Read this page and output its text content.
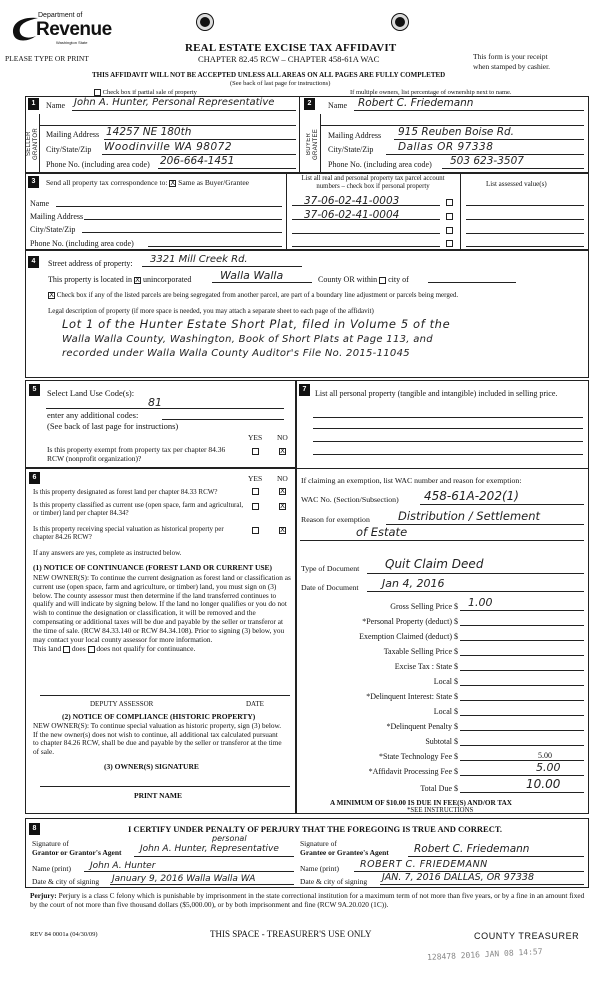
Department of
Revenue
Washington State
PLEASE TYPE OR PRINT
REAL ESTATE EXCISE TAX AFFIDAVIT
CHAPTER 82.45 RCW – CHAPTER 458-61A WAC	This form is your receipt
when stamped by cashier.
THIS AFFIDAVIT WILL NOT BE ACCEPTED UNLESS ALL AREAS ON ALL PAGES ARE FULLY COMPLETED
(See back of last page for instructions)
Check box if partial sale of property	If multiple owners, list percentage of ownership next to name.
1	2
SELLER GRANTOR	BUYER GRANTEE
Name John A. Hunter, Personal Representative
Mailing Address 14257 NE 180th
City/State/Zip Woodinville WA 98072
Phone No. (including area code) 206-664-1451
Name Robert C. Friedemann
Mailing Address 915 Reuben Boise Rd.
City/State/Zip Dallas OR 97338
Phone No. (including area code) 503 623-3507
3	Send all property tax correspondence to: X Same as Buyer/Grantee
Name
Mailing Address
City/State/Zip
Phone No. (including area code)
List all real and personal property tax parcel account numbers – check box if personal property	List assessed value(s)
37-06-02-41-0003
37-06-02-41-0004
4	Street address of property: 3321 Mill Creek Rd.
This property is located in X unincorporated	Walla Walla	County OR within city of
X Check box if any of the listed parcels are being segregated from another parcel, are part of a boundary line adjustment or parcels being merged.
Legal description of property (if more space is needed, you may attach a separate sheet to each page of the affidavit)
Lot 1 of the Hunter Estate Short Plat, filed in Volume 5 of the
Walla Walla County, Washington, Book of Short Plats at Page 113, and
recorded under Walla Walla County Auditor's File No. 2015-11045
5	Select Land Use Code(s):
81
enter any additional codes:
(See back of last page for instructions)
YES NO
Is this property exempt from property tax per chapter 84.36 RCW (nonprofit organization)?
X
6	YES NO
Is this property designated as forest land per chapter 84.33 RCW?	X
Is this property classified as current use (open space, farm and agricultural, or timber) land per chapter 84.34?
X
Is this property receiving special valuation as historical property per chapter 84.26 RCW?
X
If any answers are yes, complete as instructed below.
(1) NOTICE OF CONTINUANCE (FOREST LAND OR CURRENT USE)
NEW OWNER(S): To continue the current designation as forest land or classification as current use (open space, farm and agriculture, or timber) land, you must sign on (3) below. The county assessor must then determine if the land transferred continues to qualify and will indicate by signing below. If the land no longer qualifies or you do not wish to continue the designation or classification, it will be removed and the compensating or additional taxes will be due and payable by the seller or transferor at the time of sale. (RCW 84.33.140 or RCW 84.34.108). Prior to signing (3) below, you may contact your local county assessor for more information.
This land does does not qualify for continuance.
DEPUTY ASSESSOR	DATE
(2) NOTICE OF COMPLIANCE (HISTORIC PROPERTY)
NEW OWNER(S): To continue special valuation as historic property, sign (3) below. If the new owner(s) does not wish to continue, all additional tax calculated pursuant to chapter 84.26 RCW, shall be due and payable by the seller or transferor at the time of sale.
(3) OWNER(S) SIGNATURE
PRINT NAME
7	List all personal property (tangible and intangible) included in selling price.
If claiming an exemption, list WAC number and reason for exemption:
WAC No. (Section/Subsection) 458-61A-202(1)
Reason for exemption Distribution / Settlement
of Estate
Type of Document Quit Claim Deed
Date of Document Jan 4, 2016
Gross Selling Price $ 1.00
*Personal Property (deduct) $
Exemption Claimed (deduct) $
Taxable Selling Price $
Excise Tax : State $
Local $
*Delinquent Interest: State $
Local $
*Delinquent Penalty $
Subtotal $
*State Technology Fee $	5.00
*Affidavit Processing Fee $	5.00
Total Due $	10.00
A MINIMUM OF $10.00 IS DUE IN FEE(S) AND/OR TAX
*SEE INSTRUCTIONS
8	I CERTIFY UNDER PENALTY OF PERJURY THAT THE FOREGOING IS TRUE AND CORRECT.
Signature of
Grantor or Grantor's Agent
personal
John A. Hunter, Representative
Name (print) John A. Hunter
Date & city of signing January 9, 2016 Walla Walla WA
Signature of
Grantee or Grantee's Agent Robert C. Friedemann
Name (print) ROBERT C. FRIEDEMANN
Date & city of signing JAN. 7, 2016 DALLAS, OR 97338
Perjury: Perjury is a class C felony which is punishable by imprisonment in the state correctional institution for a maximum term of not more than five years, or by a fine in an amount fixed by the court of not more than five thousand dollars ($5,000.00), or by both imprisonment and fine (RCW 9A.20.020 (1C)).
REV 84 0001a (04/30/09)	THIS SPACE - TREASURER'S USE ONLY	COUNTY TREASURER
128478 2016 JAN 08 14:57
